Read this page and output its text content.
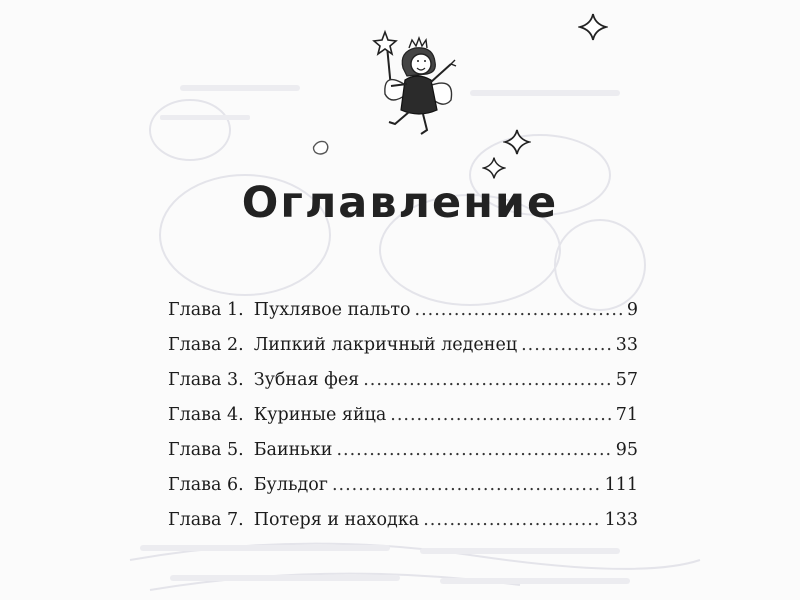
Оглавление
Глава 1. Пухлявое пальто .....	9
Глава 2. Липкий лакричный леденец .....	33
Глава 3. Зубная фея .....	57
Глава 4. Куриные яйца .....	71
Глава 5. Баиньки .....	95
Глава 6. Бульдог .....	111
Глава 7. Потеря и находка .....	133
